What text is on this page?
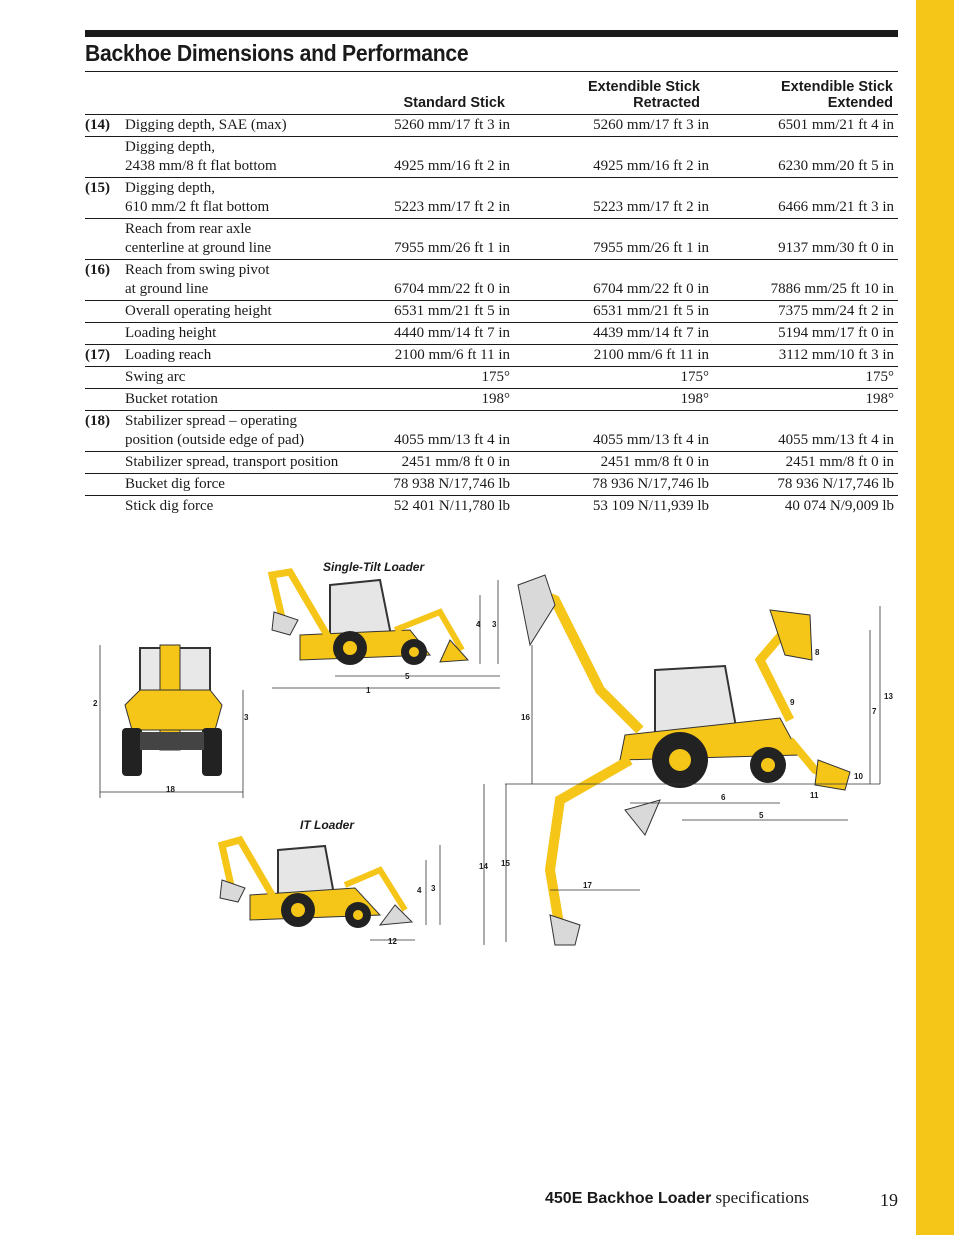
Backhoe Dimensions and Performance

Standard Stick
Extendible Stick
Retracted
Extendible Stick
Extended
(14)	Digging depth, SAE (max)	5260 mm/17 ft 3 in	5260 mm/17 ft 3 in	6501 mm/21 ft 4 in

	Digging depth,
2438 mm/8 ft flat bottom	4925 mm/16 ft 2 in	4925 mm/16 ft 2 in	6230 mm/20 ft 5 in
(15)	Digging depth,
610 mm/2 ft flat bottom	5223 mm/17 ft 2 in	5223 mm/17 ft 2 in	6466 mm/21 ft 3 in

	Reach from rear axle
centerline at ground line	7955 mm/26 ft 1 in	7955 mm/26 ft 1 in	9137 mm/30 ft 0 in
(16)	Reach from swing pivot
at ground line	6704 mm/22 ft 0 in	6704 mm/22 ft 0 in	7886 mm/25 ft 10 in

	Overall operating height	6531 mm/21 ft 5 in	6531 mm/21 ft 5 in	7375 mm/24 ft 2 in

	Loading height	4440 mm/14 ft 7 in	4439 mm/14 ft 7 in	5194 mm/17 ft 0 in
(17)	Loading reach	2100 mm/6 ft 11 in	2100 mm/6 ft 11 in	3112 mm/10 ft 3 in

	Swing arc	175°	175°	175°

	Bucket rotation	198°	198°	198°
(18)	Stabilizer spread – operating
position (outside edge of pad)	4055 mm/13 ft 4 in	4055 mm/13 ft 4 in	4055 mm/13 ft 4 in

	Stabilizer spread, transport position	2451 mm/8 ft 0 in	2451 mm/8 ft 0 in	2451 mm/8 ft 0 in

	Bucket dig force	78 938 N/17,746 lb	78 936 N/17,746 lb	78 936 N/17,746 lb

	Stick dig force	52 401 N/11,780 lb	53 109 N/11,939 lb	40 074 N/9,009 lb
2
3
18
4 3
5
1
16
8
9
13
7
10
11
6
5
14 15
17
4 3
12
Single-Tilt Loader
IT Loader
450E Backhoe Loader specifications	19
